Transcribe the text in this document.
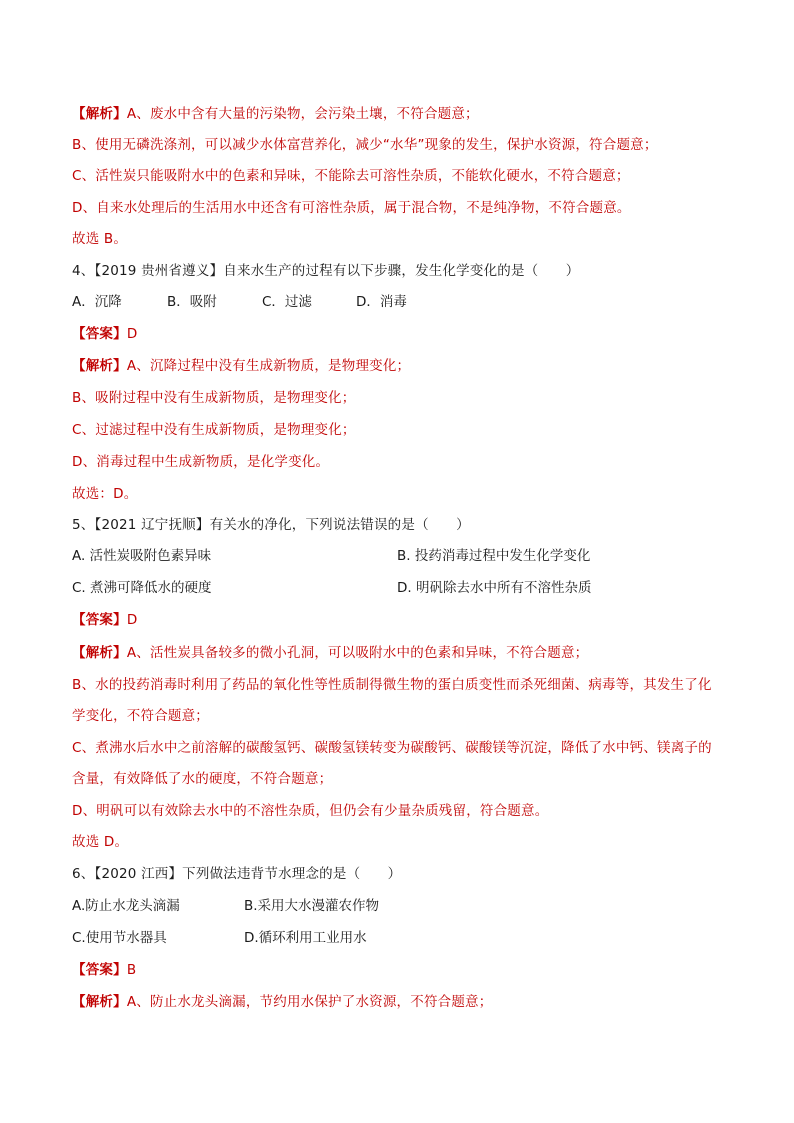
【解析】A、废水中含有大量的污染物，会污染土壤，不符合题意；
B、使用无磷洗涤剂，可以减少水体富营养化，减少“水华”现象的发生，保护水资源，符合题意；
C、活性炭只能吸附水中的色素和异味，不能除去可溶性杂质，不能软化硬水，不符合题意；
D、自来水处理后的生活用水中还含有可溶性杂质，属于混合物，不是纯净物，不符合题意。
故选 B。
4、【2019 贵州省遵义】自来水生产的过程有以下步骤，发生化学变化的是（　　）
A．沉降	B．吸附	C．过滤	D．消毒
【答案】D
【解析】A、沉降过程中没有生成新物质，是物理变化；
B、吸附过程中没有生成新物质，是物理变化；
C、过滤过程中没有生成新物质，是物理变化；
D、消毒过程中生成新物质，是化学变化。
故选：D。
5、【2021 辽宁抚顺】有关水的净化，下列说法错误的是（　　）
A. 活性炭吸附色素异味	B. 投药消毒过程中发生化学变化
C. 煮沸可降低水的硬度	D. 明矾除去水中所有不溶性杂质
【答案】D
【解析】A、活性炭具备较多的微小孔洞，可以吸附水中的色素和异味，不符合题意；
B、水的投药消毒时利用了药品的氧化性等性质制得微生物的蛋白质变性而杀死细菌、病毒等，其发生了化
学变化，不符合题意；
C、煮沸水后水中之前溶解的碳酸氢钙、碳酸氢镁转变为碳酸钙、碳酸镁等沉淀，降低了水中钙、镁离子的
含量，有效降低了水的硬度，不符合题意；
D、明矾可以有效除去水中的不溶性杂质，但仍会有少量杂质残留，符合题意。
故选 D。
6、【2020 江西】下列做法违背节水理念的是（　　）
A.防止水龙头滴漏	B.采用大水漫灌农作物
C.使用节水器具	D.循环利用工业用水
【答案】B
【解析】A、防止水龙头滴漏，节约用水保护了水资源，不符合题意；
